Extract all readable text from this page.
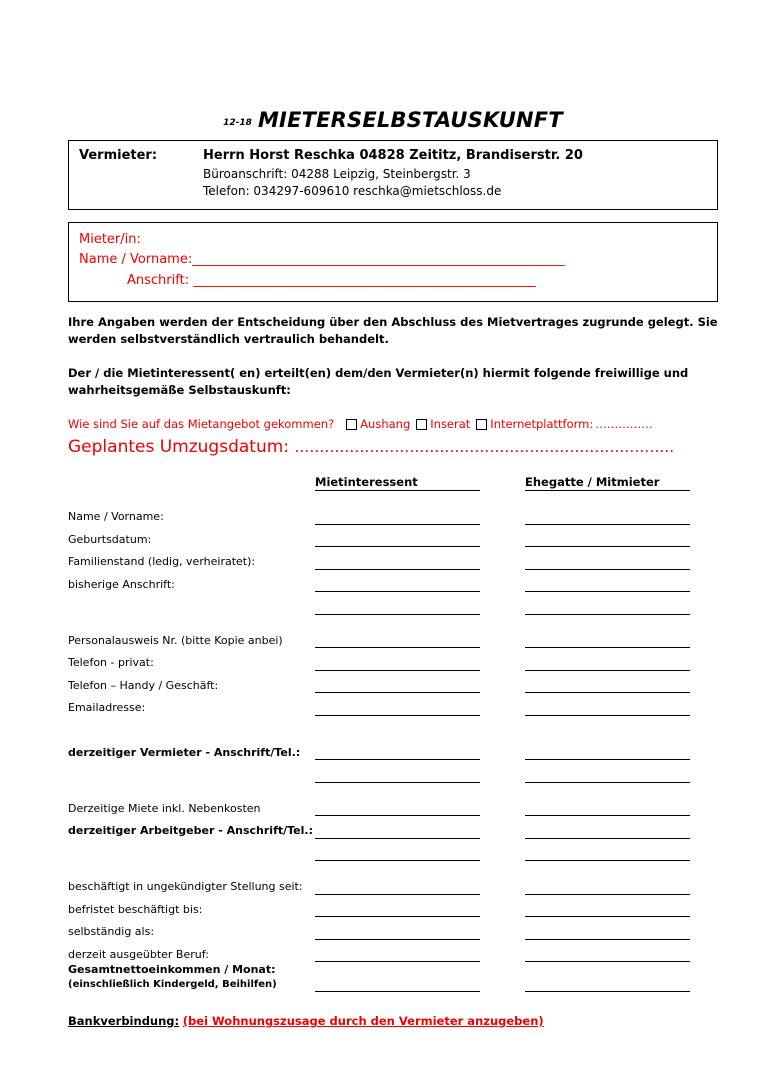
12-18 MIETERSELBSTAUSKUNFT
Vermieter:	Herrn Horst Reschka 04828 Zeititz, Brandiserstr. 20
Büroanschrift: 04288 Leipzig, Steinbergstr. 3
Telefon: 034297-609610 reschka@mietschloss.de
Mieter/in:
Name / Vorname:______________________________________________________________
Anschrift: _________________________________________________________
Ihre Angaben werden der Entscheidung über den Abschluss des Mietvertrages zugrunde gelegt. Sie werden selbstverständlich vertraulich behandelt.
Der / die Mietinteressent( en) erteilt(en) dem/den Vermieter(n) hiermit folgende freiwillige und wahrheitsgemäße Selbstauskunft:
Wie sind Sie auf das Mietangebot gekommen? Aushang Inserat Internetplattform: ……………
Geplantes Umzugsdatum: ………………………………………………………………….
Mietinteressent	Ehegatte / Mitmieter
Name / Vorname:
Geburtsdatum:
Familienstand (ledig, verheiratet):
bisherige Anschrift:
Personalausweis Nr. (bitte Kopie anbei)
Telefon - privat:
Telefon – Handy / Geschäft:
Emailadresse:
derzeitiger Vermieter - Anschrift/Tel.:
Derzeitige Miete inkl. Nebenkosten
derzeitiger Arbeitgeber - Anschrift/Tel.:
beschäftigt in ungekündigter Stellung seit:
befristet beschäftigt bis:
selbständig als:
derzeit ausgeübter Beruf:
Gesamtnettoeinkommen / Monat:
(einschließlich Kindergeld, Beihilfen)
Bankverbindung: (bei Wohnungszusage durch den Vermieter anzugeben)
